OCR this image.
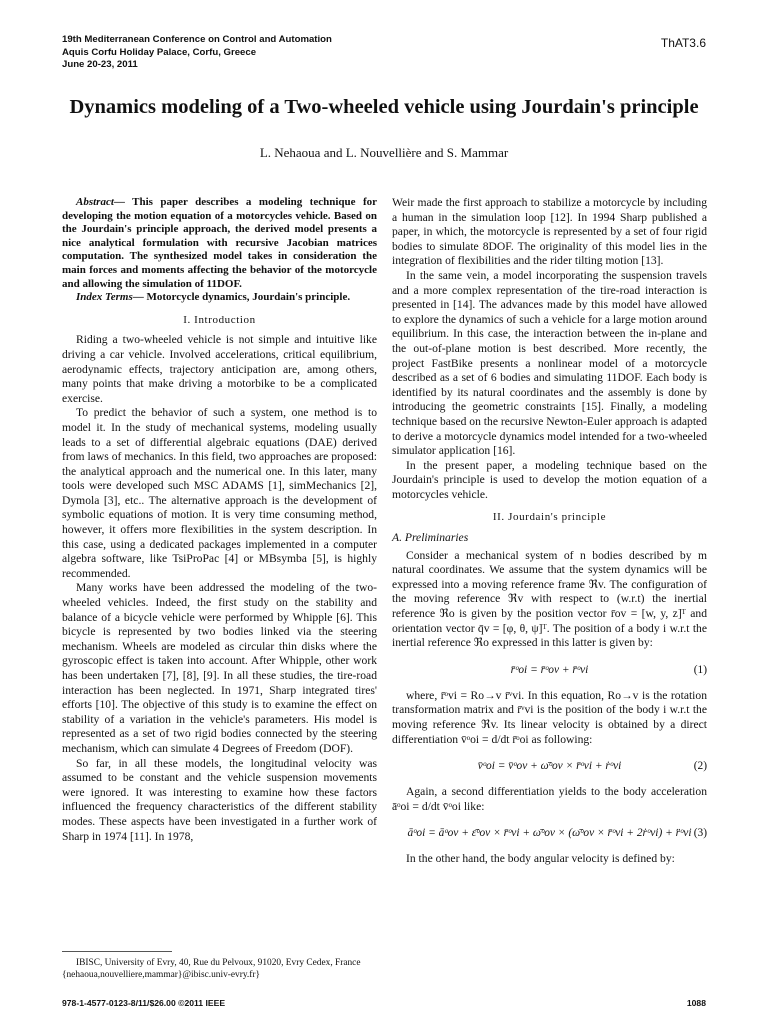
19th Mediterranean Conference on Control and Automation
Aquis Corfu Holiday Palace, Corfu, Greece
June 20-23, 2011
ThAT3.6
Dynamics modeling of a Two-wheeled vehicle using Jourdain's principle
L. Nehaoua and L. Nouvellière and S. Mammar

Abstract— This paper describes a modeling technique for developing the motion equation of a motorcycles vehicle. Based on the Jourdain's principle approach, the derived model presents a nice analytical formulation with recursive Jacobian matrices computation. The synthesized model takes in consideration the main forces and moments affecting the behavior of the motorcycle and allowing the simulation of 11DOF.

Index Terms— Motorcycle dynamics, Jourdain's principle.

I. Introduction

Riding a two-wheeled vehicle is not simple and intuitive like driving a car vehicle. Involved accelerations, critical equilibrium, aerodynamic effects, trajectory anticipation are, among others, many points that make driving a motorbike to be a complicated exercise.

To predict the behavior of such a system, one method is to model it. In the study of mechanical systems, modeling usually leads to a set of differential algebraic equations (DAE) derived from laws of mechanics. In this field, two approaches are proposed: the analytical approach and the numerical one. In this later, many tools were developed such MSC ADAMS [1], simMechanics [2], Dymola [3], etc.. The alternative approach is the development of symbolic equations of motion. It is very time consuming method, however, it offers more flexibilities in the system description. In this case, using a dedicated packages implemented in a computer algebra software, like TsiProPac [4] or MBsymba [5], is highly recommended.

Many works have been addressed the modeling of the two-wheeled vehicles. Indeed, the first study on the stability and balance of a bicycle vehicle were performed by Whipple [6]. This bicycle is represented by two bodies linked via the steering mechanism. Wheels are modeled as circular thin disks where the gyroscopic effect is taken into account. After Whipple, other work has been undertaken [7], [8], [9]. In all these studies, the tire-road interaction has been neglected. In 1971, Sharp integrated tires' efforts [10]. The objective of this study is to examine the effect on stability of a variation in the vehicle's parameters. His model is represented as a set of two rigid bodies connected by the steering mechanism, which can simulate 4 Degrees of Freedom (DOF).

So far, in all these models, the longitudinal velocity was assumed to be constant and the vehicle suspension movements were ignored. It was interesting to examine how these factors influenced the frequency characteristics of the different stability modes. These aspects have been investigated in a further work of Sharp in 1974 [11]. In 1978,

IBISC, University of Evry, 40, Rue du Pelvoux, 91020, Evry Cedex, France {nehaoua,nouvelliere,mammar}@ibisc.univ-evry.fr}

Weir made the first approach to stabilize a motorcycle by including a human in the simulation loop [12]. In 1994 Sharp published a paper, in which, the motorcycle is represented by a set of four rigid bodies to simulate 8DOF. The originality of this model lies in the integration of flexibilities and the rider tilting motion [13].

In the same vein, a model incorporating the suspension travels and a more complex representation of the tire-road interaction is presented in [14]. The advances made by this model have allowed to explore the dynamics of such a vehicle for a large motion around equilibrium. In this case, the interaction between the in-plane and the out-of-plane motion is best described. More recently, the project FastBike presents a nonlinear model of a motorcycle described as a set of 6 bodies and simulating 11DOF. Each body is identified by its natural coordinates and the assembly is done by introducing the geometric constraints [15]. Finally, a modeling technique based on the recursive Newton-Euler approach is adapted to derive a motorcycle dynamics model intended for a two-wheeled simulator application [16].

In the present paper, a modeling technique based on the Jourdain's principle is used to develop the motion equation of a motorcycles vehicle.

II. Jourdain's principle
A. Preliminaries

Consider a mechanical system of n bodies described by m natural coordinates. We assume that the system dynamics will be expressed into a moving reference frame ℜv. The configuration of the moving reference ℜv with respect to (w.r.t) the inertial reference ℜo is given by the position vector r̄ov = [w, y, z]ᵀ and orientation vector q̄v = [φ, θ, ψ]ᵀ. The position of a body i w.r.t the inertial reference ℜo expressed in this latter is given by:

r̄ᵒoi = r̄ᵒov + r̄ᵒvi	(1)

where, r̄ᵒvi = Ro→v r̄ᵛvi. In this equation, Ro→v is the rotation transformation matrix and r̄ᵛvi is the position of the body i w.r.t the moving reference ℜv. Its linear velocity is obtained by a direct differentiation v̄ᵒoi = d/dt r̄ᵒoi as following:

v̄ᵒoi = v̄ᵒov + ω̄ᵒov × r̄ᵒvi + ṙᵒvi	(2)

Again, a second differentiation yields to the body acceleration āᵒoi = d/dt v̄ᵒoi like:

āᵒoi = āᵒov + ε̄ᵒov × r̄ᵒvi + ω̄ᵒov × (ω̄ᵒov × r̄ᵒvi + 2ṙᵒvi) + r̈ᵒvi (3)

In the other hand, the body angular velocity is defined by:

978-1-4577-0123-8/11/$26.00 ©2011 IEEE	1088
